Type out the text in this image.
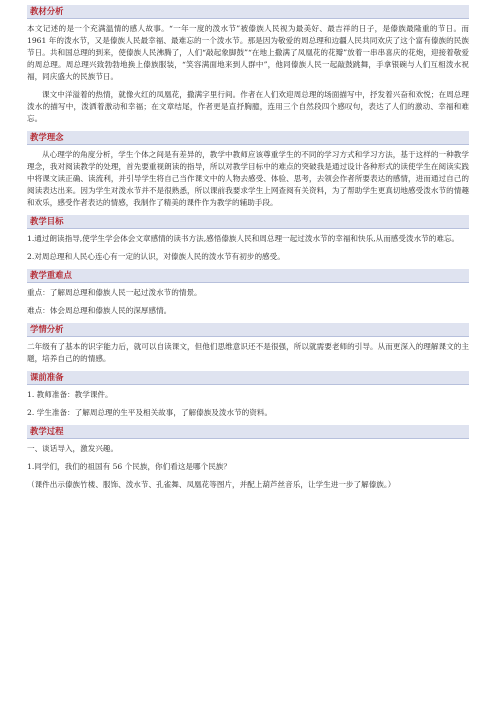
教材分析

本文记述的是一个充满温情的感人故事。“一年一度的泼水节”被傣族人民视为最美好、最吉祥的日子，是傣族最隆重的节日。而 1961 年的泼水节，又是傣族人民最幸福、最难忘的一个泼水节。那是因为敬爱的周总理和边疆人民共同欢庆了这个富有傣族的民族节日。共和国总理的到来，使傣族人民沸腾了，人们“敲起象脚鼓”“在地上撒满了凤凰花的花瓣”放着一串串喜庆的花炮，迎接着敬爱的周总理。周总理兴致勃勃地换上傣族服装，“笑容满面地来到人群中”，他同傣族人民一起敲鼓跳舞，手拿银碗与人们互相泼水祝福，同庆盛大的民族节日。

课文中洋溢着的热情，就像火红的凤凰花，撒满字里行间。作者在人们欢迎周总理的场面描写中，抒发着兴奋和欢悦；在周总理泼水的描写中，泼洒着激动和幸福；在文章结尾，作者更是直抒胸臆，连用三个自然段四个感叹句，表达了人们的激动、幸福和难忘。

教学理念

从心理学的角度分析，学生个体之间是有差异的，教学中教师应该尊重学生的不同的学习方式和学习方法，基于这样的一种教学理念，我对阅读教学的处理，首先要重视朗读的指导，所以对教学目标中的难点的突破我是通过设计各种形式的读使学生在阅读实践中将课文读正确、读流利，并引导学生将自己当作课文中的人物去感受、体验、思考，去领会作者所要表达的感情，进而通过自己的阅读表达出来。因为学生对泼水节并不是很熟悉，所以课前我要求学生上网查阅有关资料，为了帮助学生更真切地感受泼水节的情趣和欢乐，感受作者表达的情感，我制作了精美的课件作为教学的辅助手段。

教学目标

1.通过朗读指导,使学生学会体会文章感情的读书方法,感悟傣族人民和周总理一起过泼水节的幸福和快乐,从而感受泼水节的难忘。

2.对周总理和人民心连心有一定的认识，对傣族人民的泼水节有初步的感受。

教学重难点

重点：了解周总理和傣族人民一起过泼水节的情景。

难点：体会周总理和傣族人民的深厚感情。

学情分析

二年级有了基本的识字能力后，就可以自读课文，但他们思维意识还不是很强，所以就需要老师的引导。从而更深入的理解课文的主题，培养自己的的情感。

课前准备

1. 教师准备：教学课件。

2. 学生准备：了解周总理的生平及相关故事，了解傣族及泼水节的资料。

教学过程

一、谈话导入，激发兴趣。

1.同学们，我们的祖国有 56 个民族，你们看这是哪个民族？

（课件出示傣族竹楼、服饰、泼水节、孔雀舞、凤凰花等图片，并配上葫芦丝音乐，让学生进一步了解傣族。）
